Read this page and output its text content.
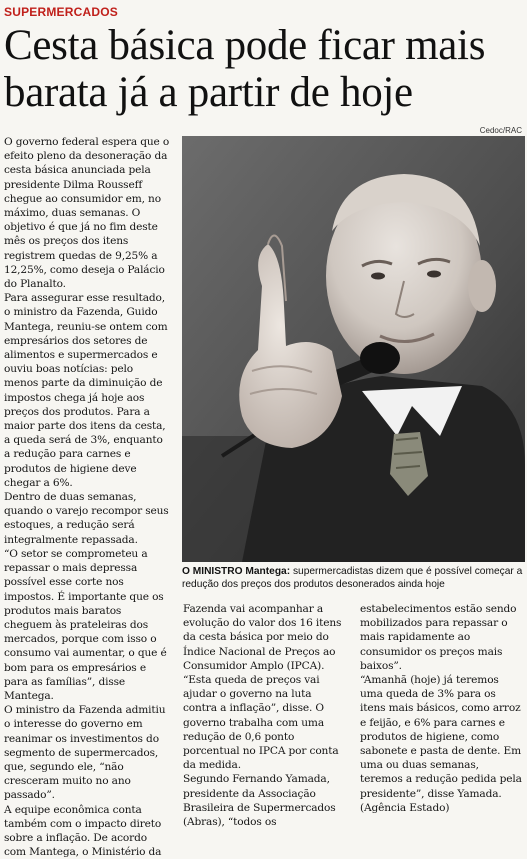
SUPERMERCADOS
Cesta básica pode ficar mais
barata já a partir de hoje
Cedoc/RAC

O governo federal espera que o efeito pleno da desoneração da cesta básica anunciada pela presidente Dilma Rousseff chegue ao consumidor em, no máximo, duas semanas. O objetivo é que já no fim deste mês os preços dos itens registrem quedas de 9,25% a 12,25%, como deseja o Palácio do Planalto.

Para assegurar esse resultado, o ministro da Fazenda, Guido Mantega, reuniu-se ontem com empresários dos setores de alimentos e supermercados e ouviu boas notícias: pelo menos parte da diminuição de impostos chega já hoje aos preços dos produtos. Para a maior parte dos itens da cesta, a queda será de 3%, enquanto a redução para carnes e produtos de higiene deve chegar a 6%.

Dentro de duas semanas, quando o varejo recompor seus estoques, a redução será integralmente repassada.

“O setor se comprometeu a repassar o mais depressa possível esse corte nos impostos. É importante que os produtos mais baratos cheguem às prateleiras dos mercados, porque com isso o consumo vai aumentar, o que é bom para os empresários e para as famílias”, disse Mantega.

O ministro da Fazenda admitiu o interesse do governo em reanimar os investimentos do segmento de supermercados, que, segundo ele, “não cresceram muito no ano passado”.

A equipe econômica conta também com o impacto direto sobre a inflação. De acordo com Mantega, o Ministério da

O MINISTRO Mantega: supermercadistas dizem que é possível começar a redução dos preços dos produtos desonerados ainda hoje

Fazenda vai acompanhar a evolução do valor dos 16 itens da cesta básica por meio do Índice Nacional de Preços ao Consumidor Amplo (IPCA).

“Esta queda de preços vai ajudar o governo na luta contra a inflação”, disse. O governo trabalha com uma redução de 0,6 ponto porcentual no IPCA por conta da medida.

Segundo Fernando Yamada, presidente da Associação Brasileira de Supermercados (Abras), “todos os

estabelecimentos estão sendo mobilizados para repassar o mais rapidamente ao consumidor os preços mais baixos”.

“Amanhã (hoje) já teremos uma queda de 3% para os itens mais básicos, como arroz e feijão, e 6% para carnes e produtos de higiene, como sabonete e pasta de dente. Em uma ou duas semanas, teremos a redução pedida pela presidente”, disse Yamada. (Agência Estado)
